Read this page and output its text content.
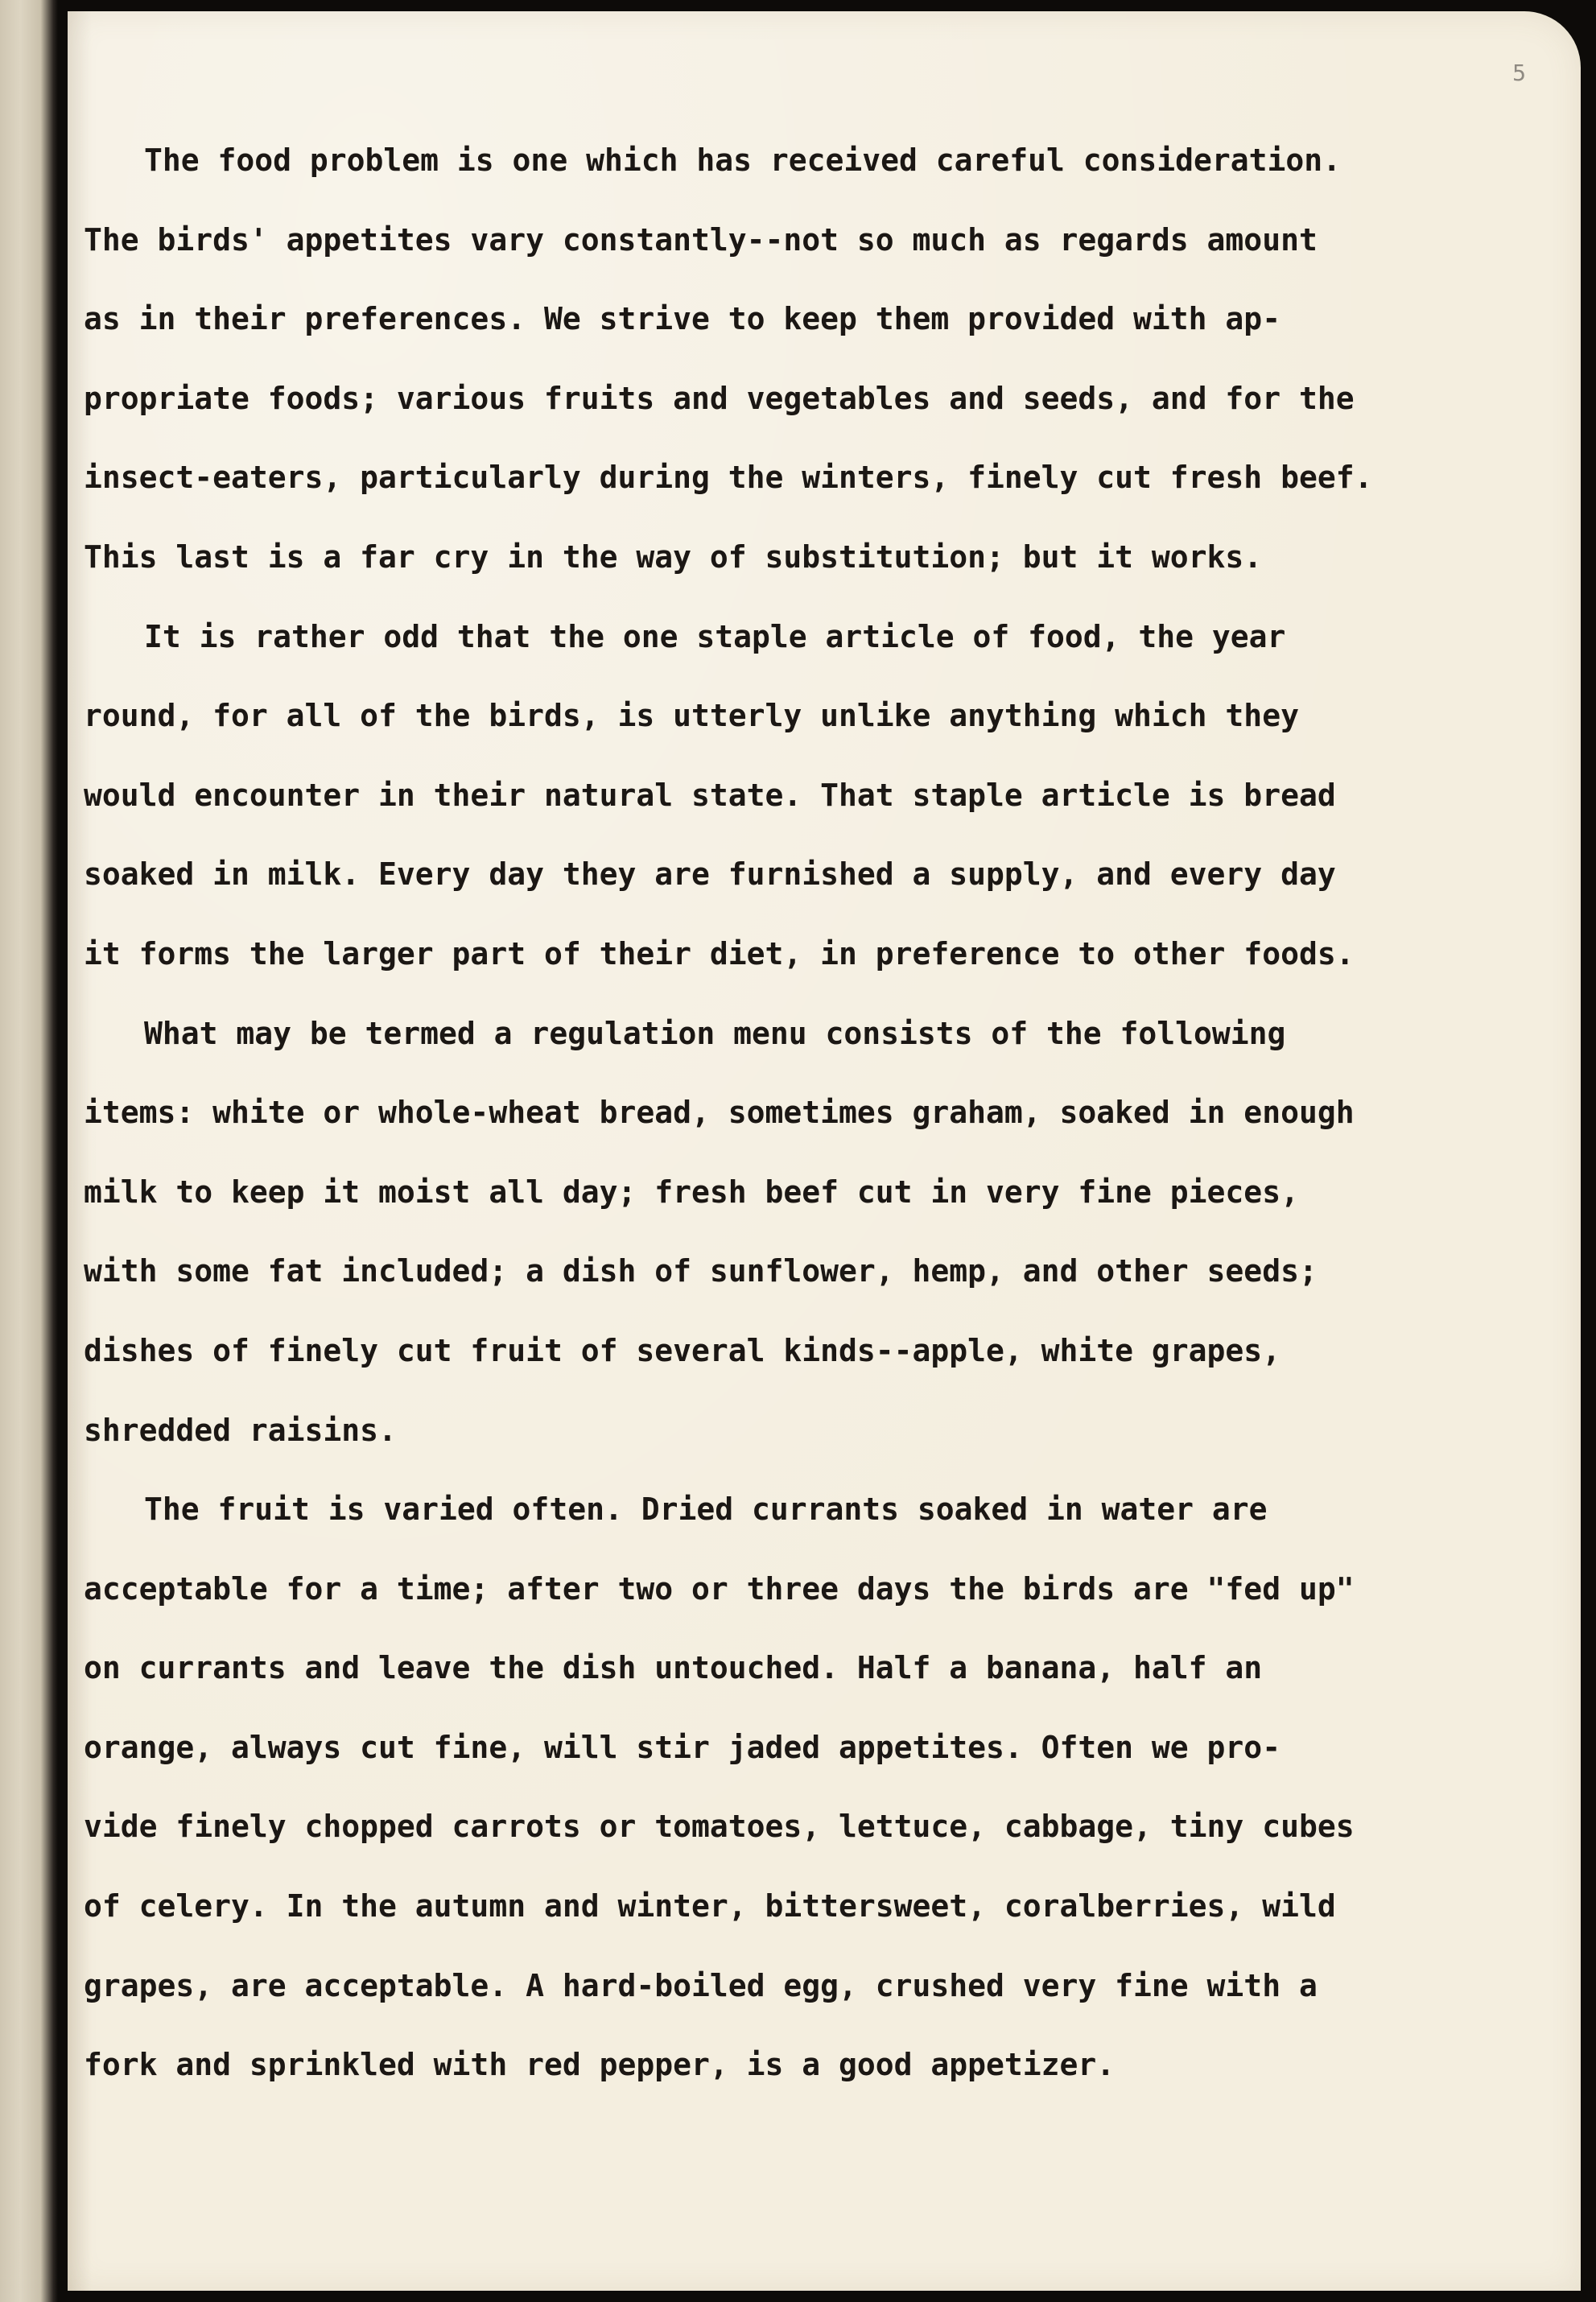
5
The food problem is one which has received careful consideration.
The birds' appetites vary constantly--not so much as regards amount
as in their preferences. We strive to keep them provided with ap-
propriate foods; various fruits and vegetables and seeds, and for the
insect-eaters, particularly during the winters, finely cut fresh beef.
This last is a far cry in the way of substitution; but it works.
It is rather odd that the one staple article of food, the year
round, for all of the birds, is utterly unlike anything which they
would encounter in their natural state. That staple article is bread
soaked in milk. Every day they are furnished a supply, and every day
it forms the larger part of their diet, in preference to other foods.
What may be termed a regulation menu consists of the following
items: white or whole-wheat bread, sometimes graham, soaked in enough
milk to keep it moist all day; fresh beef cut in very fine pieces,
with some fat included; a dish of sunflower, hemp, and other seeds;
dishes of finely cut fruit of several kinds--apple, white grapes,
shredded raisins.
The fruit is varied often. Dried currants soaked in water are
acceptable for a time; after two or three days the birds are "fed up"
on currants and leave the dish untouched. Half a banana, half an
orange, always cut fine, will stir jaded appetites. Often we pro-
vide finely chopped carrots or tomatoes, lettuce, cabbage, tiny cubes
of celery. In the autumn and winter, bittersweet, coralberries, wild
grapes, are acceptable. A hard-boiled egg, crushed very fine with a
fork and sprinkled with red pepper, is a good appetizer.
